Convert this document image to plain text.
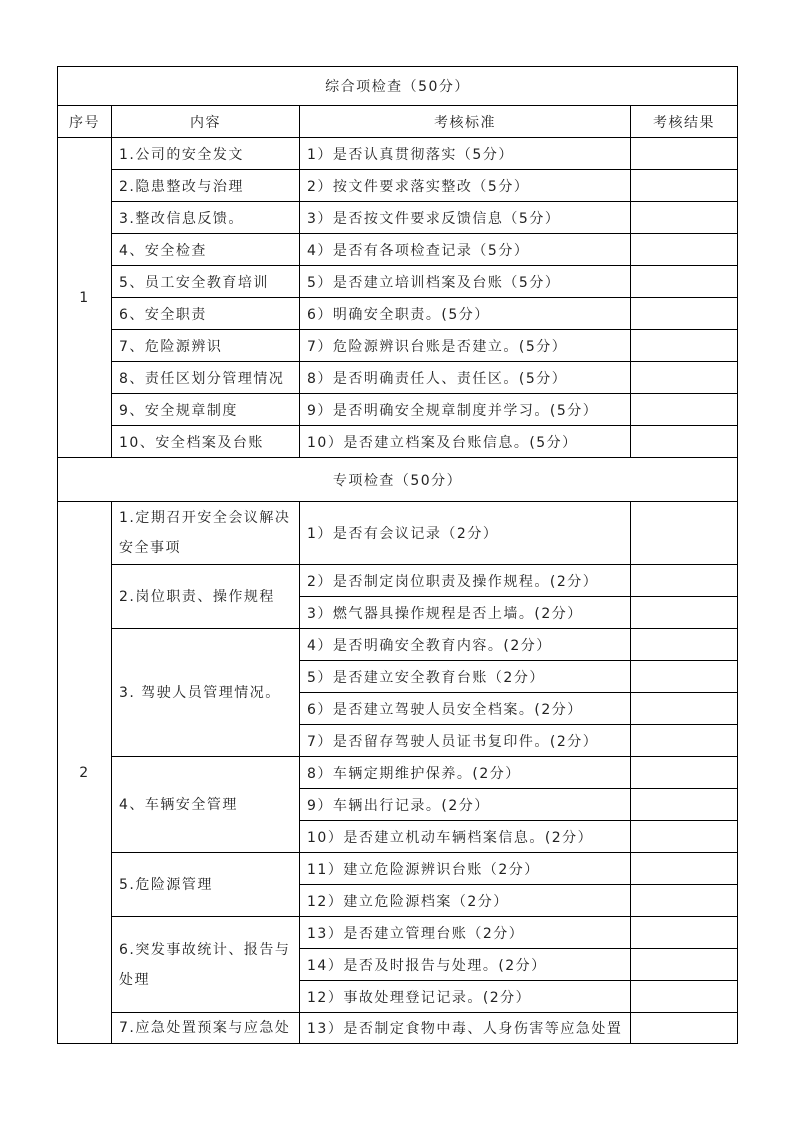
综合项检查（50分）			
序号	内容	考核标准	考核结果
1	1.公司的安全发文	1）是否认真贯彻落实（5分）	
	2.隐患整改与治理	2）按文件要求落实整改（5分）	
	3.整改信息反馈。	3）是否按文件要求反馈信息（5分）	
	4、安全检查	4）是否有各项检查记录（5分）	
	5、员工安全教育培训	5）是否建立培训档案及台账（5分）	
	6、安全职责	6）明确安全职责。(5分）	
	7、危险源辨识	7）危险源辨识台账是否建立。(5分）	
	8、责任区划分管理情况	8）是否明确责任人、责任区。(5分）	
	9、安全规章制度	9）是否明确安全规章制度并学习。(5分）	
	10、安全档案及台账	10）是否建立档案及台账信息。(5分）	
专项检查（50分）			
2	1.定期召开安全会议解决安全事项	1）是否有会议记录（2分）	
	2.岗位职责、操作规程	2）是否制定岗位职责及操作规程。(2分）	
		3）燃气器具操作规程是否上墙。(2分）	
	3. 驾驶人员管理情况。	4）是否明确安全教育内容。(2分）	
		5）是否建立安全教育台账（2分）	
		6）是否建立驾驶人员安全档案。(2分）	
		7）是否留存驾驶人员证书复印件。(2分）	
	4、车辆安全管理	8）车辆定期维护保养。(2分）	
		9）车辆出行记录。(2分）	
		10）是否建立机动车辆档案信息。(2分）	
	5.危险源管理	11）建立危险源辨识台账（2分）	
		12）建立危险源档案（2分）	
	6.突发事故统计、报告与处理	13）是否建立管理台账（2分）	
		14）是否及时报告与处理。(2分）	
		12）事故处理登记记录。(2分）	
	7.应急处置预案与应急处	13）是否制定食物中毒、人身伤害等应急处置	
